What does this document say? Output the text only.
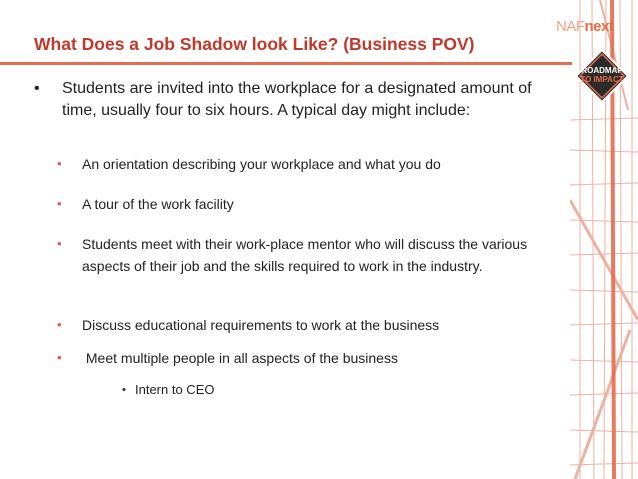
NAFnext
ROADMAP
TO IMPACT
What Does a Job Shadow look Like? (Business POV)
•	Students are invited into the workplace for a designated amount of time, usually four to six hours. A typical day might include:
•	An orientation describing your workplace and what you do
•	A tour of the work facility
•	Students meet with their work-place mentor who will discuss the various aspects of their job and the skills required to work in the industry.
•	Discuss educational requirements to work at the business
•	Meet multiple people in all aspects of the business
• Intern to CEO
